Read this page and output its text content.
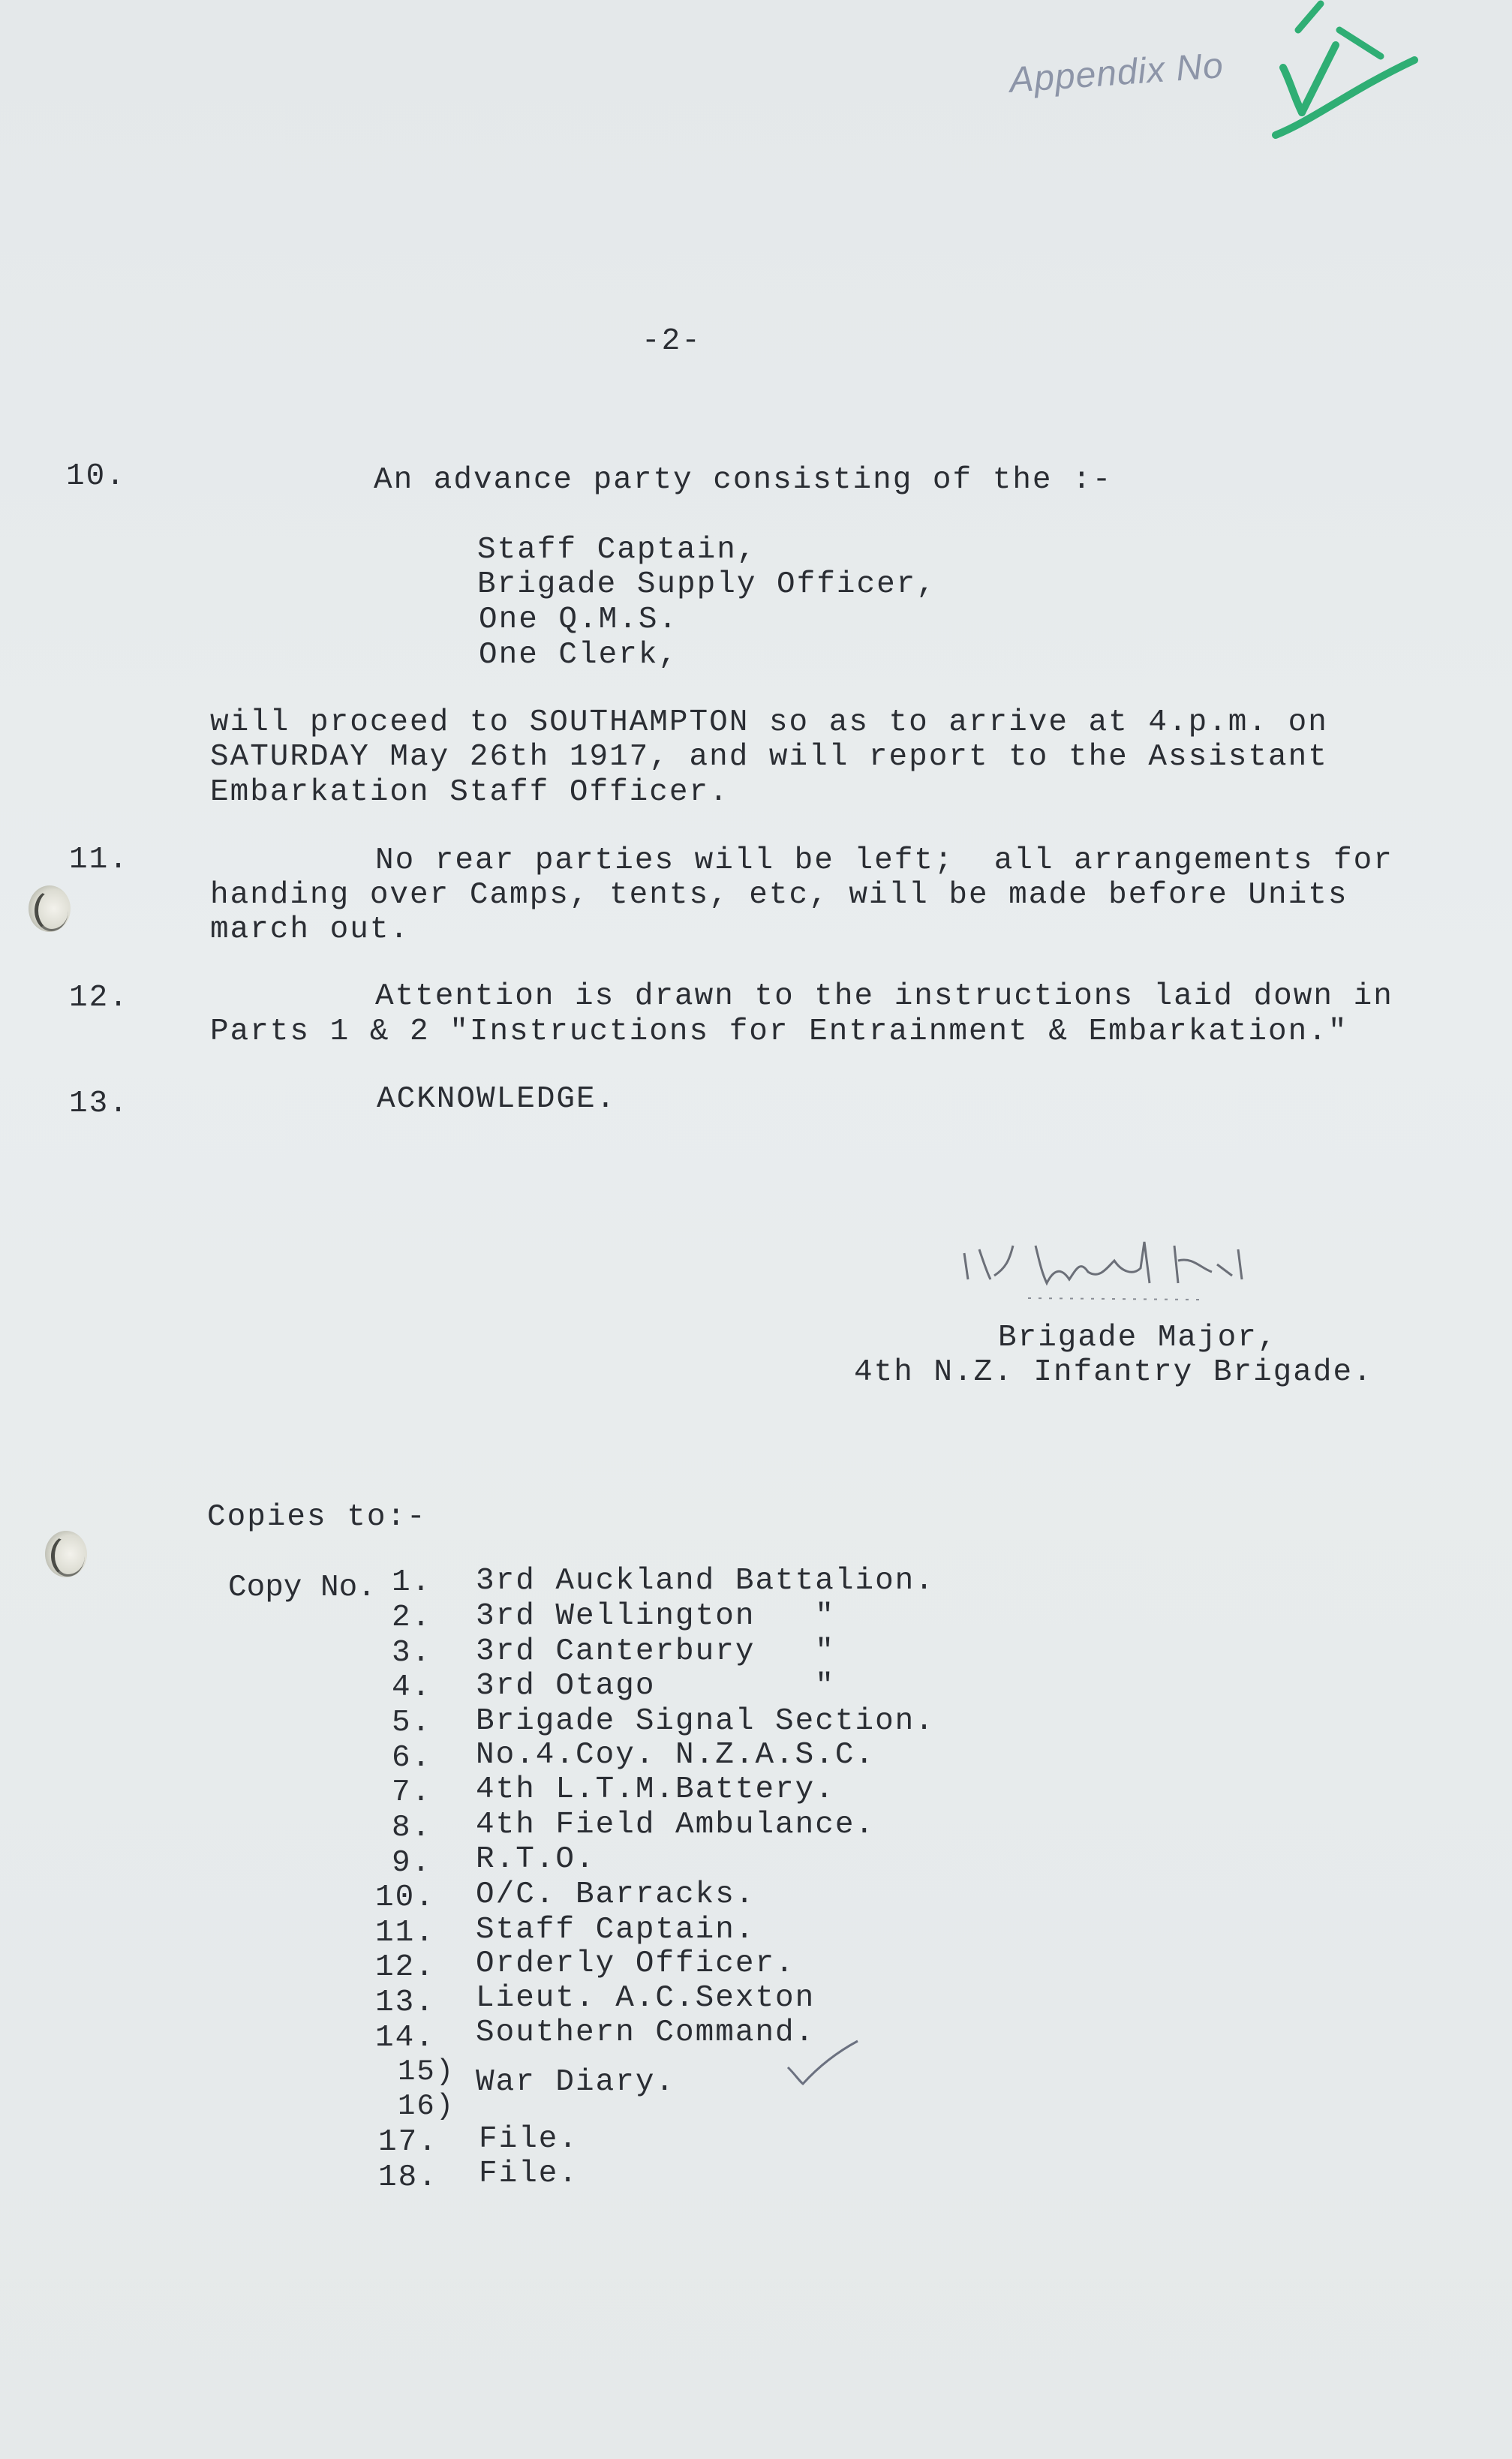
Appendix No
-2-
10.	An advance party consisting of the :-
Staff Captain,
Brigade Supply Officer,
One Q.M.S.
One Clerk,
will proceed to SOUTHAMPTON so as to arrive at 4.p.m. on
SATURDAY May 26th 1917, and will report to the Assistant
Embarkation Staff Officer.
11.	No rear parties will be left;  all arrangements for
handing over Camps, tents, etc, will be made before Units
march out.
12.	Attention is drawn to the instructions laid down in
Parts 1 & 2 "Instructions for Entrainment & Embarkation."
13.	ACKNOWLEDGE.
Brigade Major,
4th N.Z. Infantry Brigade.
Copies to:-
Copy No. 1. 3rd Auckland Battalion.
2. 3rd Wellington   "
3. 3rd Canterbury   "
4. 3rd Otago        "
5. Brigade Signal Section.
6. No.4.Coy. N.Z.A.S.C.
7. 4th L.T.M.Battery.
8. 4th Field Ambulance.
9. R.T.O.
10. O/C. Barracks.
11. Staff Captain.
12. Orderly Officer.
13. Lieut. A.C.Sexton
14. Southern Command.
15)
16)
War Diary.
17. File.
18. File.
